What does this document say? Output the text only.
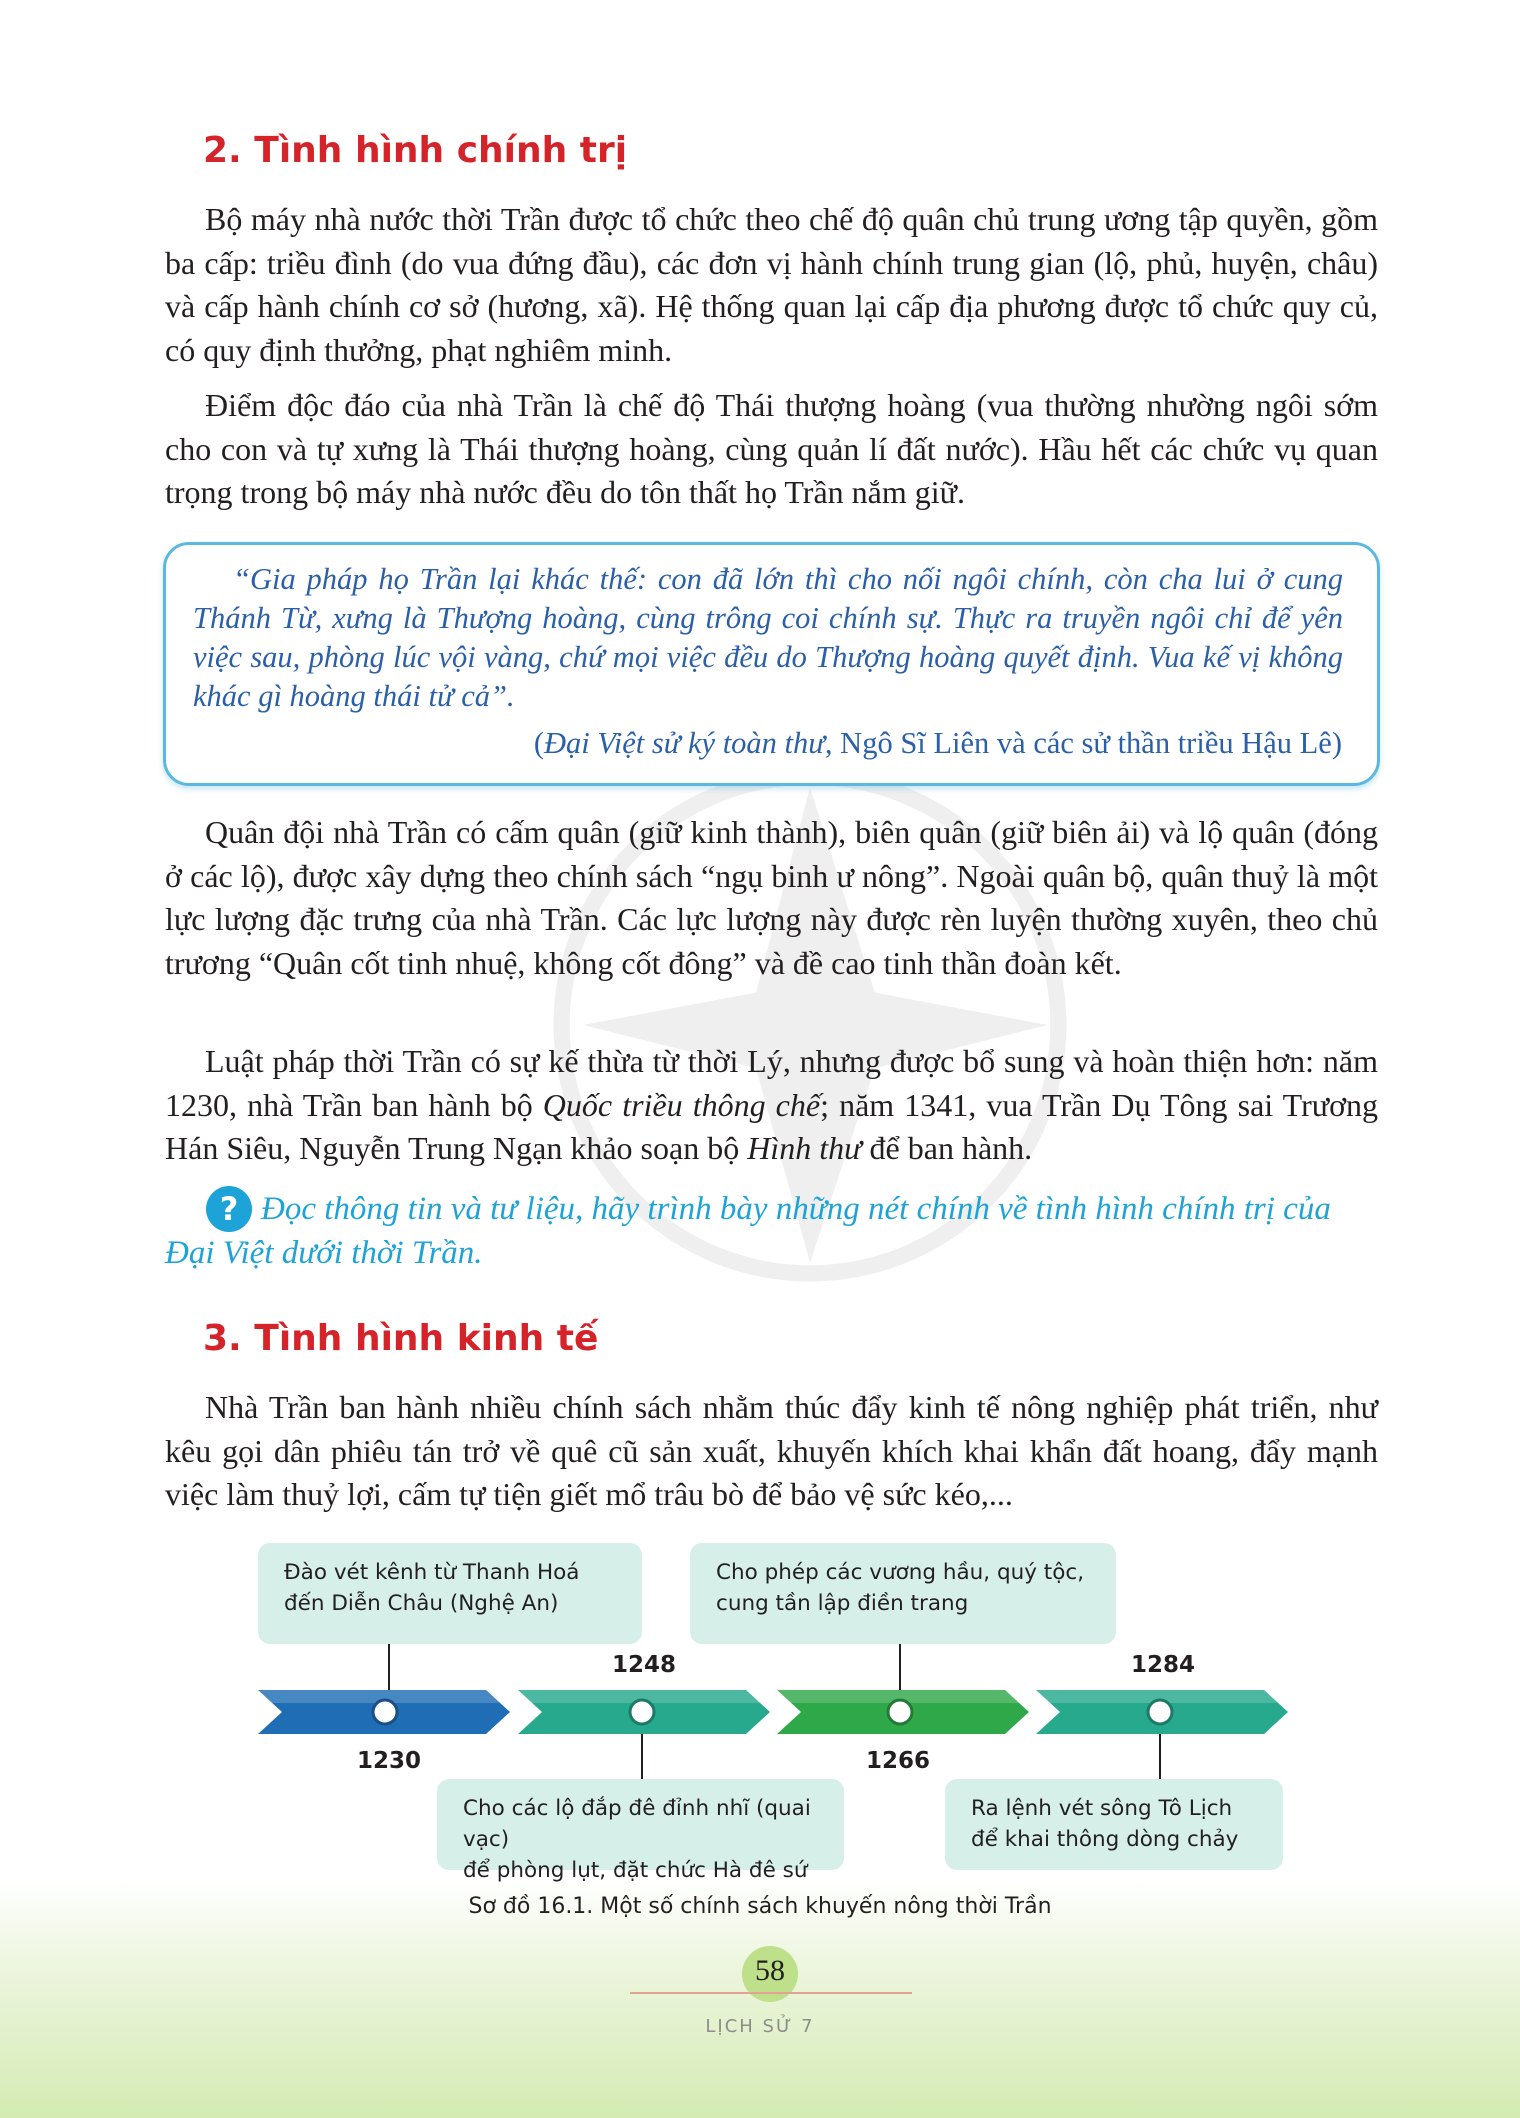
2. Tình hình chính trị

Bộ máy nhà nước thời Trần được tổ chức theo chế độ quân chủ trung ương tập quyền, gồm ba cấp: triều đình (do vua đứng đầu), các đơn vị hành chính trung gian (lộ, phủ, huyện, châu) và cấp hành chính cơ sở (hương, xã). Hệ thống quan lại cấp địa phương được tổ chức quy củ, có quy định thưởng, phạt nghiêm minh.

Điểm độc đáo của nhà Trần là chế độ Thái thượng hoàng (vua thường nhường ngôi sớm cho con và tự xưng là Thái thượng hoàng, cùng quản lí đất nước). Hầu hết các chức vụ quan trọng trong bộ máy nhà nước đều do tôn thất họ Trần nắm giữ.

“Gia pháp họ Trần lại khác thế: con đã lớn thì cho nối ngôi chính, còn cha lui ở cung Thánh Từ, xưng là Thượng hoàng, cùng trông coi chính sự. Thực ra truyền ngôi chỉ để yên việc sau, phòng lúc vội vàng, chứ mọi việc đều do Thượng hoàng quyết định. Vua kế vị không khác gì hoàng thái tử cả”.

(Đại Việt sử ký toàn thư, Ngô Sĩ Liên và các sử thần triều Hậu Lê)

Quân đội nhà Trần có cấm quân (giữ kinh thành), biên quân (giữ biên ải) và lộ quân (đóng ở các lộ), được xây dựng theo chính sách “ngụ binh ư nông”. Ngoài quân bộ, quân thuỷ là một lực lượng đặc trưng của nhà Trần. Các lực lượng này được rèn luyện thường xuyên, theo chủ trương “Quân cốt tinh nhuệ, không cốt đông” và đề cao tinh thần đoàn kết.

Luật pháp thời Trần có sự kế thừa từ thời Lý, nhưng được bổ sung và hoàn thiện hơn: năm 1230, nhà Trần ban hành bộ Quốc triều thông chế; năm 1341, vua Trần Dụ Tông sai Trương Hán Siêu, Nguyễn Trung Ngạn khảo soạn bộ Hình thư để ban hành.

? Đọc thông tin và tư liệu, hãy trình bày những nét chính về tình hình chính trị của Đại Việt dưới thời Trần.

3. Tình hình kinh tế

Nhà Trần ban hành nhiều chính sách nhằm thúc đẩy kinh tế nông nghiệp phát triển, như kêu gọi dân phiêu tán trở về quê cũ sản xuất, khuyến khích khai khẩn đất hoang, đẩy mạnh việc làm thuỷ lợi, cấm tự tiện giết mổ trâu bò để bảo vệ sức kéo,...

Đào vét kênh từ Thanh Hoá
đến Diễn Châu (Nghệ An)
Cho phép các vương hầu, quý tộc,
cung tần lập điền trang
Cho các lộ đắp đê đỉnh nhĩ (quai vạc)
để phòng lụt, đặt chức Hà đê sứ
Ra lệnh vét sông Tô Lịch
để khai thông dòng chảy
1230
1248
1266
1284
Sơ đồ 16.1. Một số chính sách khuyến nông thời Trần
58
LỊCH SỬ 7
